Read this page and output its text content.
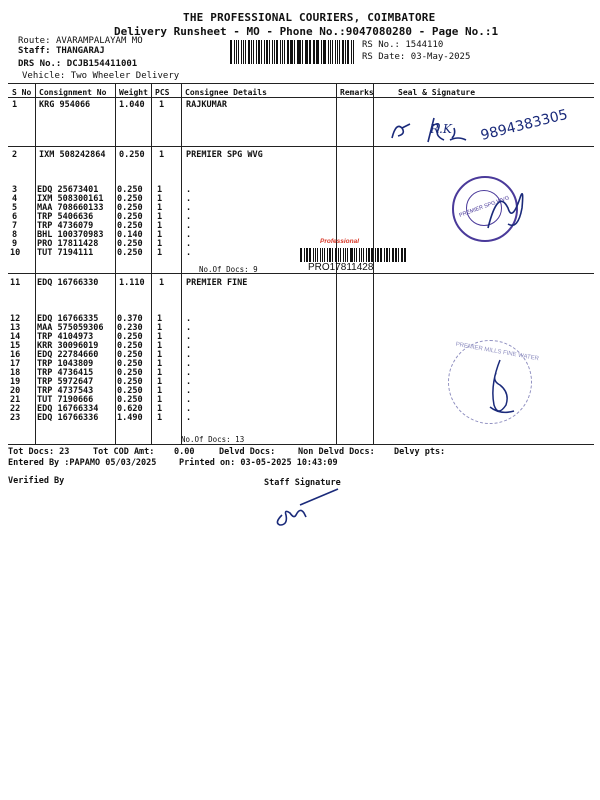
THE PROFESSIONAL COURIERS, COIMBATORE
Delivery Runsheet - MO - Phone No.:9047080280 - Page No.:1
Route: AVARAMPALAYAM MO
Staff: THANGARAJ
DRS No.: DCJB154411001
Vehicle: Two Wheeler Delivery
RS No.: 1544110
RS Date: 03-May-2025
S No Consignment No Weight PCS Consignee Details	Remarks	Seal & Signature
1	KRG 954066	1.040 1	RAJKUMAR
2	IXM 508242864 0.250 1	PREMIER SPG WVG
3 EDQ 25673401 0.250 1	.
4 IXM 508300161 0.250 1	.
5 MAA 708660133 0.250 1	.
6 TRP 5406636	0.250 1	.
7 TRP 4736079	0.250 1	.
8 BHL 100370983 0.140 1	.
9 PRO 17811428 0.250 1	.
10 TUT 7194111	0.250 1	.
No.Of Docs: 9
Professional
PRO17811428
11 EDQ 16766330 1.110 1	PREMIER FINE
12 EDQ 16766335 0.370 1	.
13 MAA 575059306 0.230 1	.
14 TRP 4104973	0.250 1	.
15 KRR 30096019 0.250 1	.
16 EDQ 22784660 0.250 1	.
17 TRP 1043809	0.250 1	.
18 TRP 4736415	0.250 1	.
19 TRP 5972647	0.250 1	.
20 TRP 4737543	0.250 1	.
21 TUT 7190666	0.250 1	.
22 EDQ 16766334 0.620 1	.
23 EDQ 16766336 1.490 1	.
No.Of Docs: 13
9894383305
R.K
PREMIER SPG WVG
PREMIER MILLS FINE WATER
Tot Docs: 23	Tot COD Amt: 0.00	Delvd Docs:	Non Delvd Docs: Delvy pts:
Entered By :PAPAMO 05/03/2025	Printed on: 03-05-2025 10:43:09
Verified By	Staff Signature
